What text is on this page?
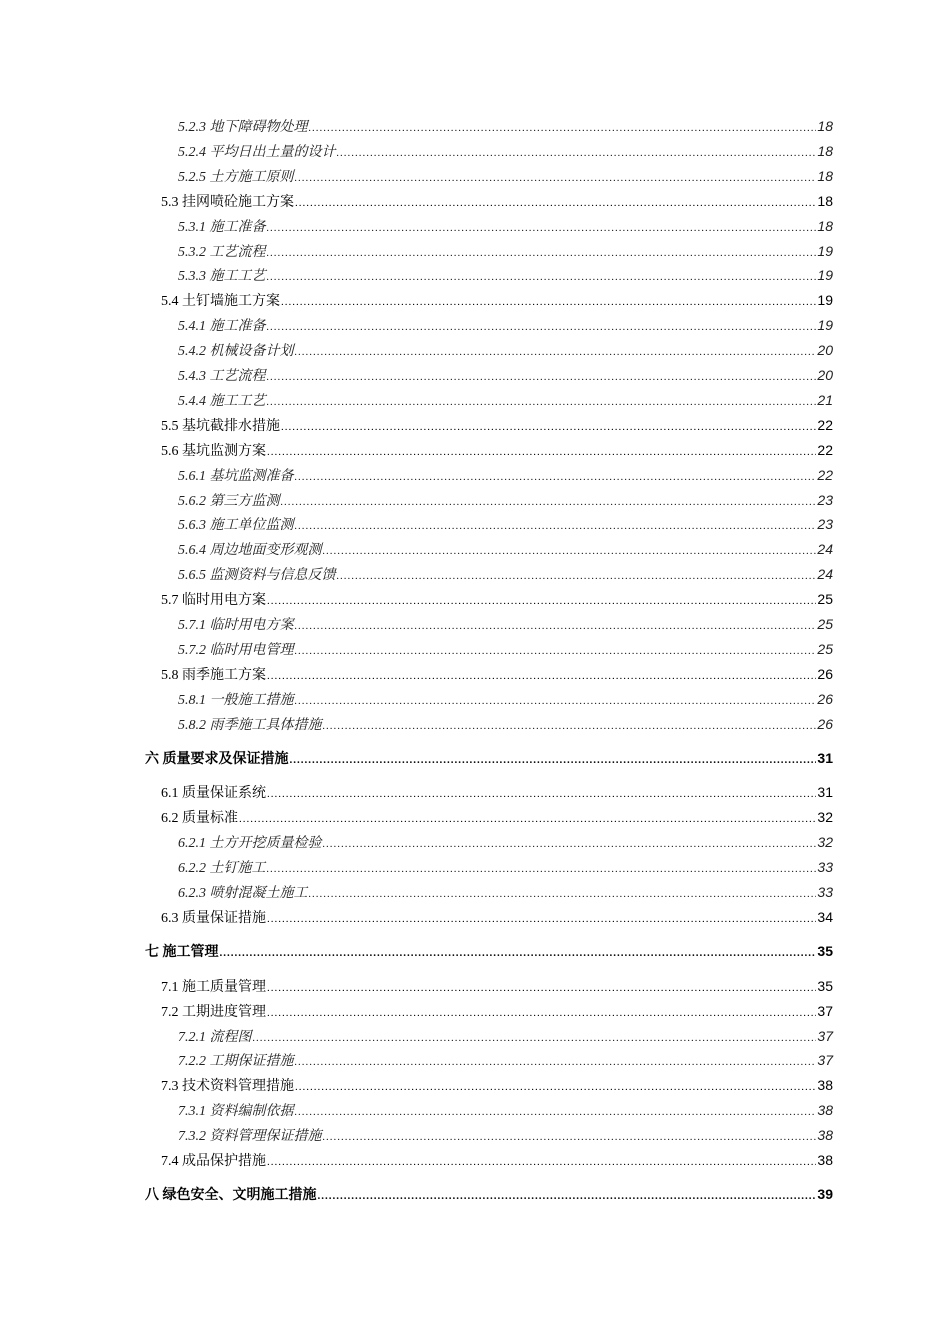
5.2.3 地下障碍物处理 .....	18
5.2.4 平均日出土量的设计 .....	18
5.2.5 土方施工原则 .....	18
5.3 挂网喷砼施工方案 .....	18
5.3.1 施工准备 .....	18
5.3.2 工艺流程 .....	19
5.3.3 施工工艺 .....	19
5.4 土钉墙施工方案 .....	19
5.4.1 施工准备 .....	19
5.4.2 机械设备计划 .....	20
5.4.3 工艺流程 .....	20
5.4.4 施工工艺 .....	21
5.5 基坑截排水措施 .....	22
5.6 基坑监测方案 .....	22
5.6.1 基坑监测准备 .....	22
5.6.2 第三方监测 .....	23
5.6.3 施工单位监测 .....	23
5.6.4 周边地面变形观测 .....	24
5.6.5 监测资料与信息反馈 .....	24
5.7 临时用电方案 .....	25
5.7.1 临时用电方案 .....	25
5.7.2 临时用电管理 .....	25
5.8 雨季施工方案 .....	26
5.8.1 一般施工措施 .....	26
5.8.2 雨季施工具体措施 .....	26
六 质量要求及保证措施 .....	31
6.1 质量保证系统 .....	31
6.2 质量标准 .....	32
6.2.1 土方开挖质量检验 .....	32
6.2.2 土钉施工 .....	33
6.2.3 喷射混凝土施工 .....	33
6.3 质量保证措施 .....	34
七 施工管理 .....	35
7.1 施工质量管理 .....	35
7.2 工期进度管理 .....	37
7.2.1 流程图 .....	37
7.2.2 工期保证措施 .....	37
7.3 技术资料管理措施 .....	38
7.3.1 资料编制依据 .....	38
7.3.2 资料管理保证措施 .....	38
7.4 成品保护措施 .....	38
八 绿色安全、文明施工措施 .....	39
